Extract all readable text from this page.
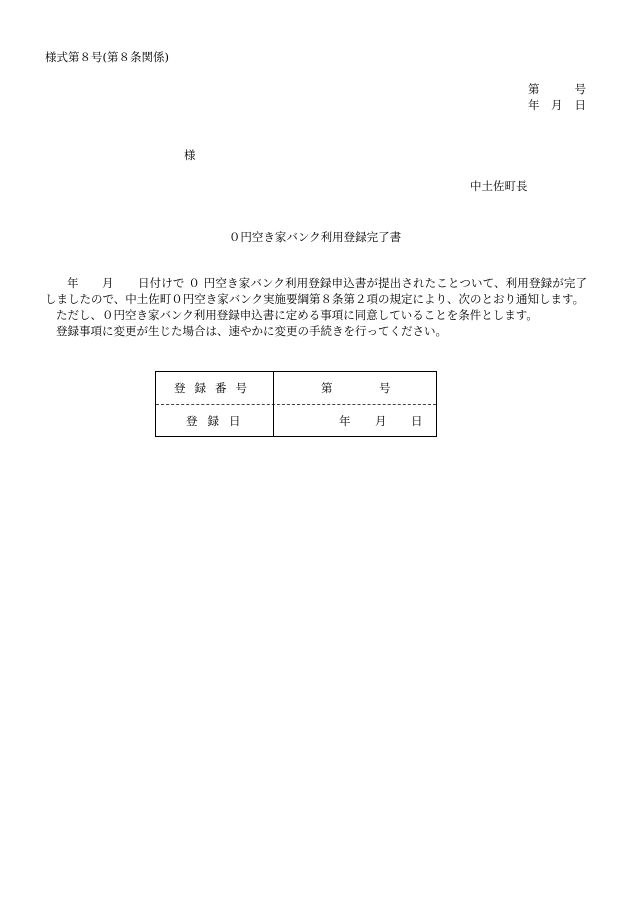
様式第８号(第８条関係)
第	号
年 月 日
様
中土佐町長
０円空き家バンク利用登録完了書
年 月 日付けで ０ 円空き家バンク利用登録申込書が提出されたことついて、利用登録が完了
しましたので、中土佐町０円空き家バンク実施要綱第８条第２項の規定により、次のとおり通知します。
ただし、０円空き家バンク利用登録申込書に定める事項に同意していることを条件とします。
登録事項に変更が生じた場合は、速やかに変更の手続きを行ってください。
登録番号	第	号
登録日	年 月 日
